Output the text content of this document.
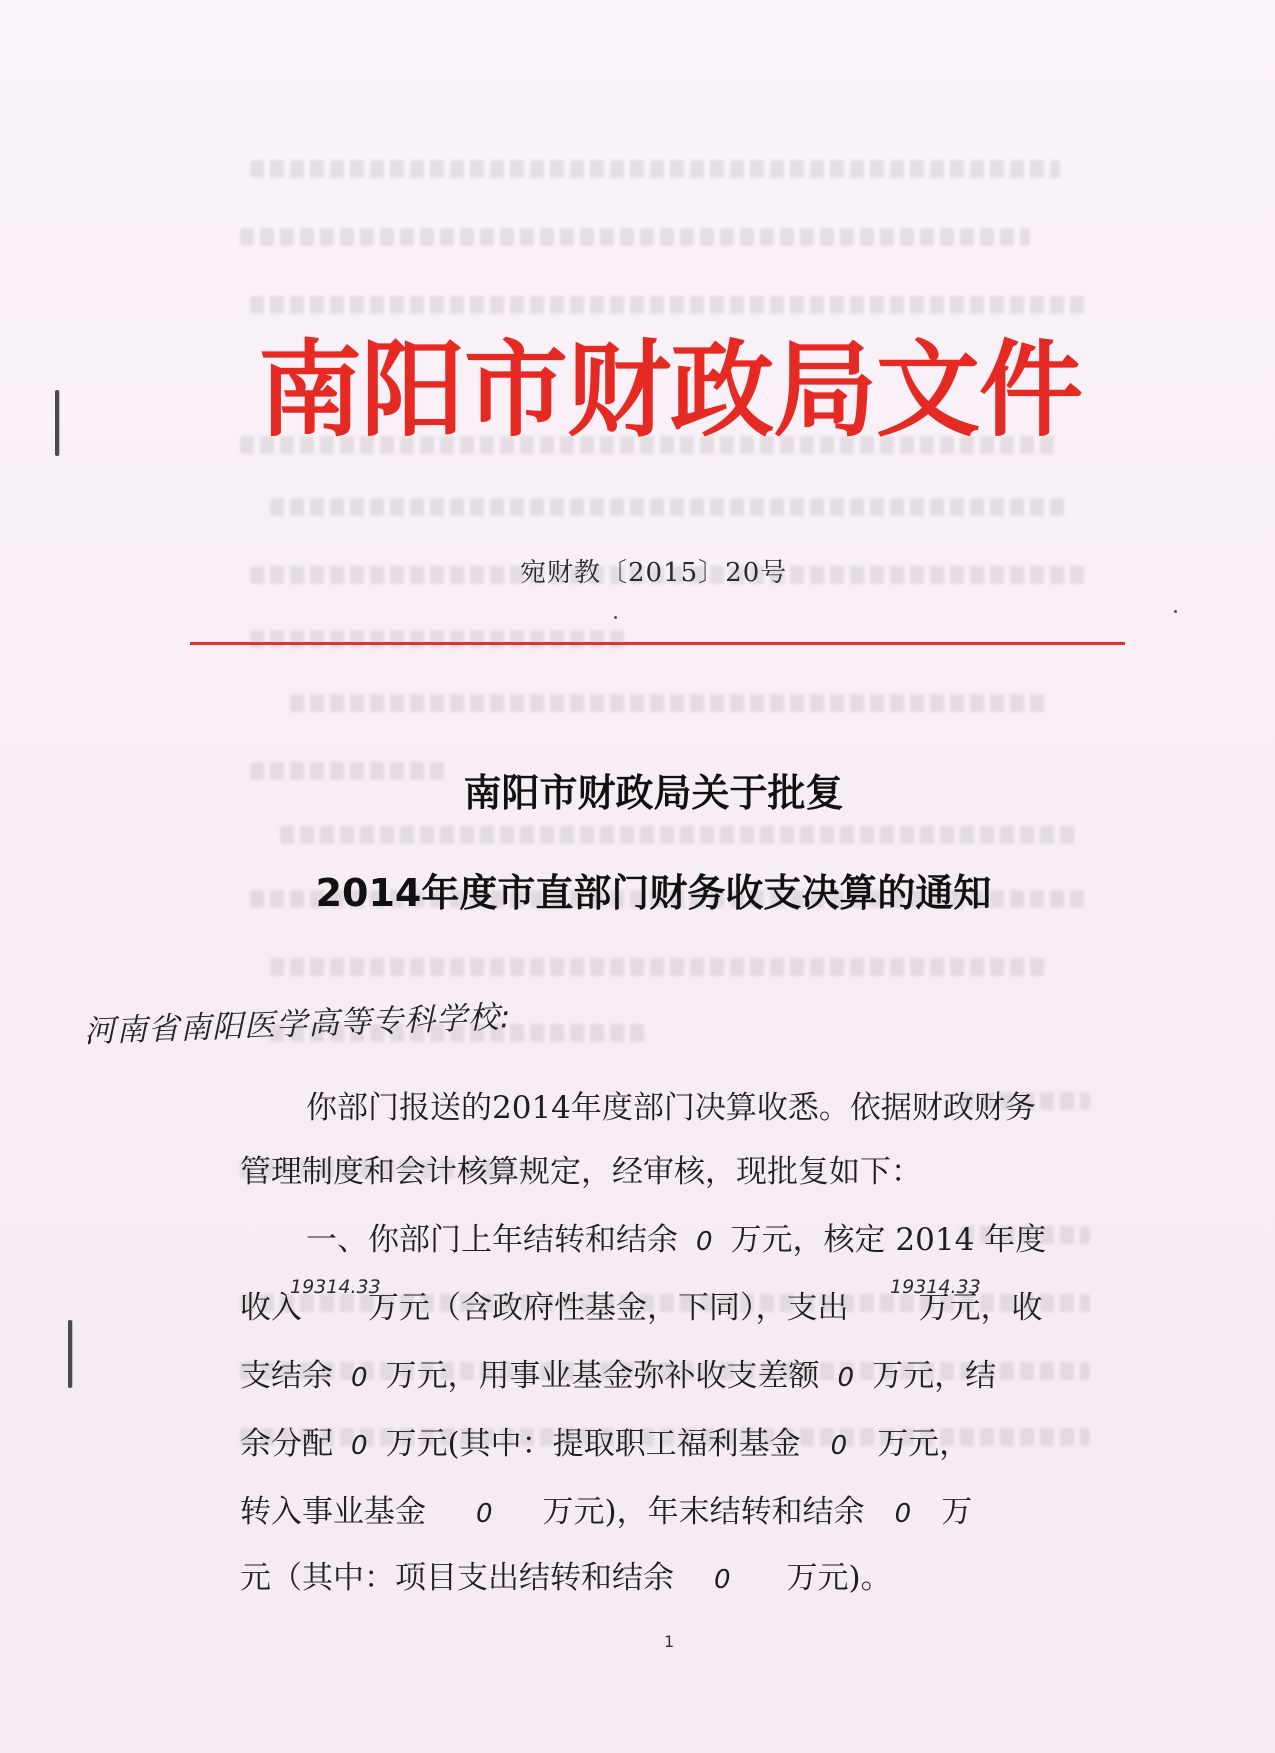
南阳市财政局文件
宛财教〔2015〕20号
南阳市财政局关于批复
2014年度市直部门财务收支决算的通知
河南省南阳医学高等专科学校:
你部门报送的2014年度部门决算收悉。依据财政财务
管理制度和会计核算规定，经审核，现批复如下：
一、你部门上年结转和结余 0 万元，核定 2014 年度
收入 万元（含政府性基金，下同），支出 万元，收
19314.33	19314.33
支结余 0 万元，用事业基金弥补收支差额 0 万元，结
余分配 0 万元(其中：提取职工福利基金 0 万元，
转入事业基金 0 万元)，年末结转和结余 0 万
元（其中：项目支出结转和结余 0 万元)。
1
